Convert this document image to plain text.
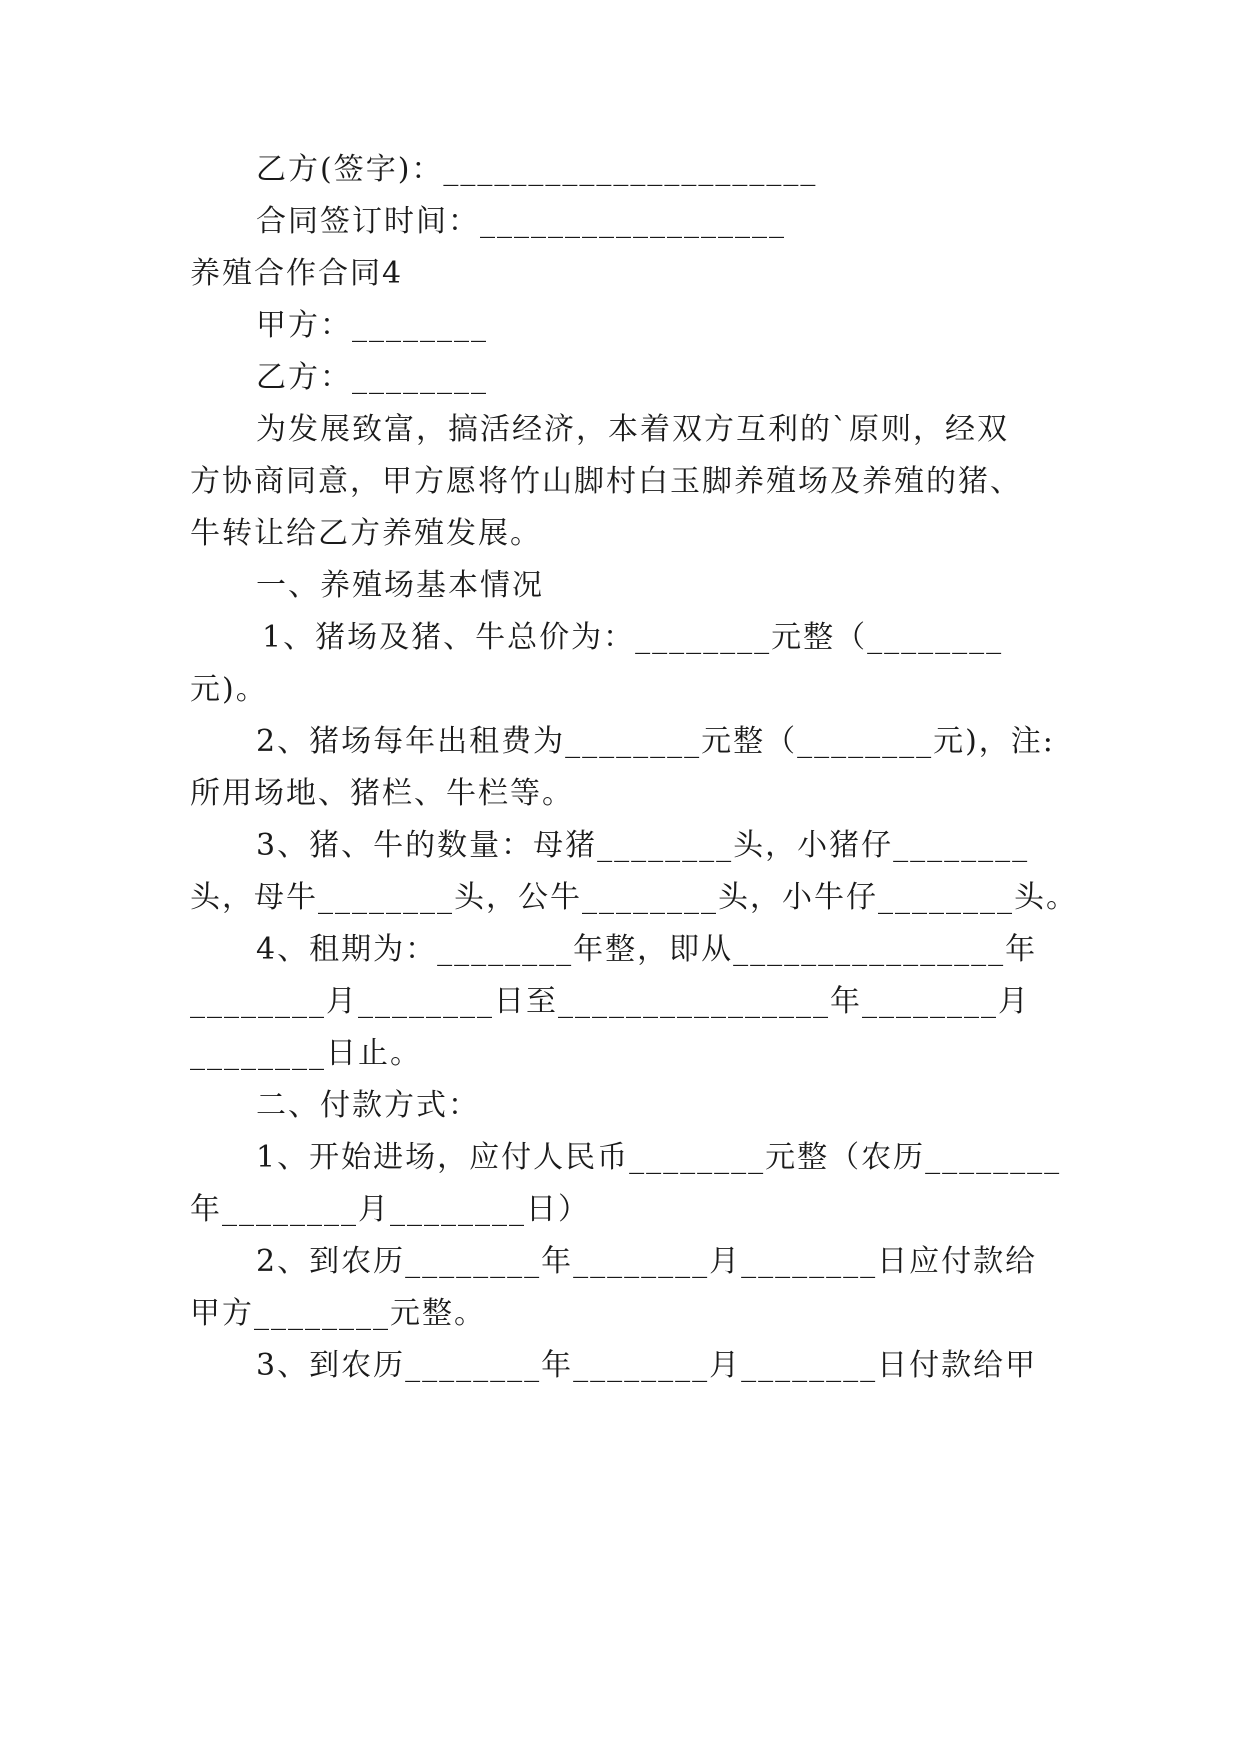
乙方(签字)：______________________
合同签订时间：__________________
养殖合作合同4
甲方：________
乙方：________
为发展致富，搞活经济，本着双方互利的`原则，经双
方协商同意，甲方愿将竹山脚村白玉脚养殖场及养殖的猪、
牛转让给乙方养殖发展。
一、养殖场基本情况
1、猪场及猪、牛总价为：________元整（________
元)。
2、猪场每年出租费为________元整（________元)，注:
所用场地、猪栏、牛栏等。
3、猪、牛的数量：母猪________头，小猪仔________
头，母牛________头，公牛________头，小牛仔________头。
4、租期为：________年整，即从________________年
________月________日至________________年________月
________日止。
二、付款方式：
1、开始进场，应付人民币________元整（农历________
年________月________日）
2、到农历________年________月________日应付款给
甲方________元整。
3、到农历________年________月________日付款给甲
